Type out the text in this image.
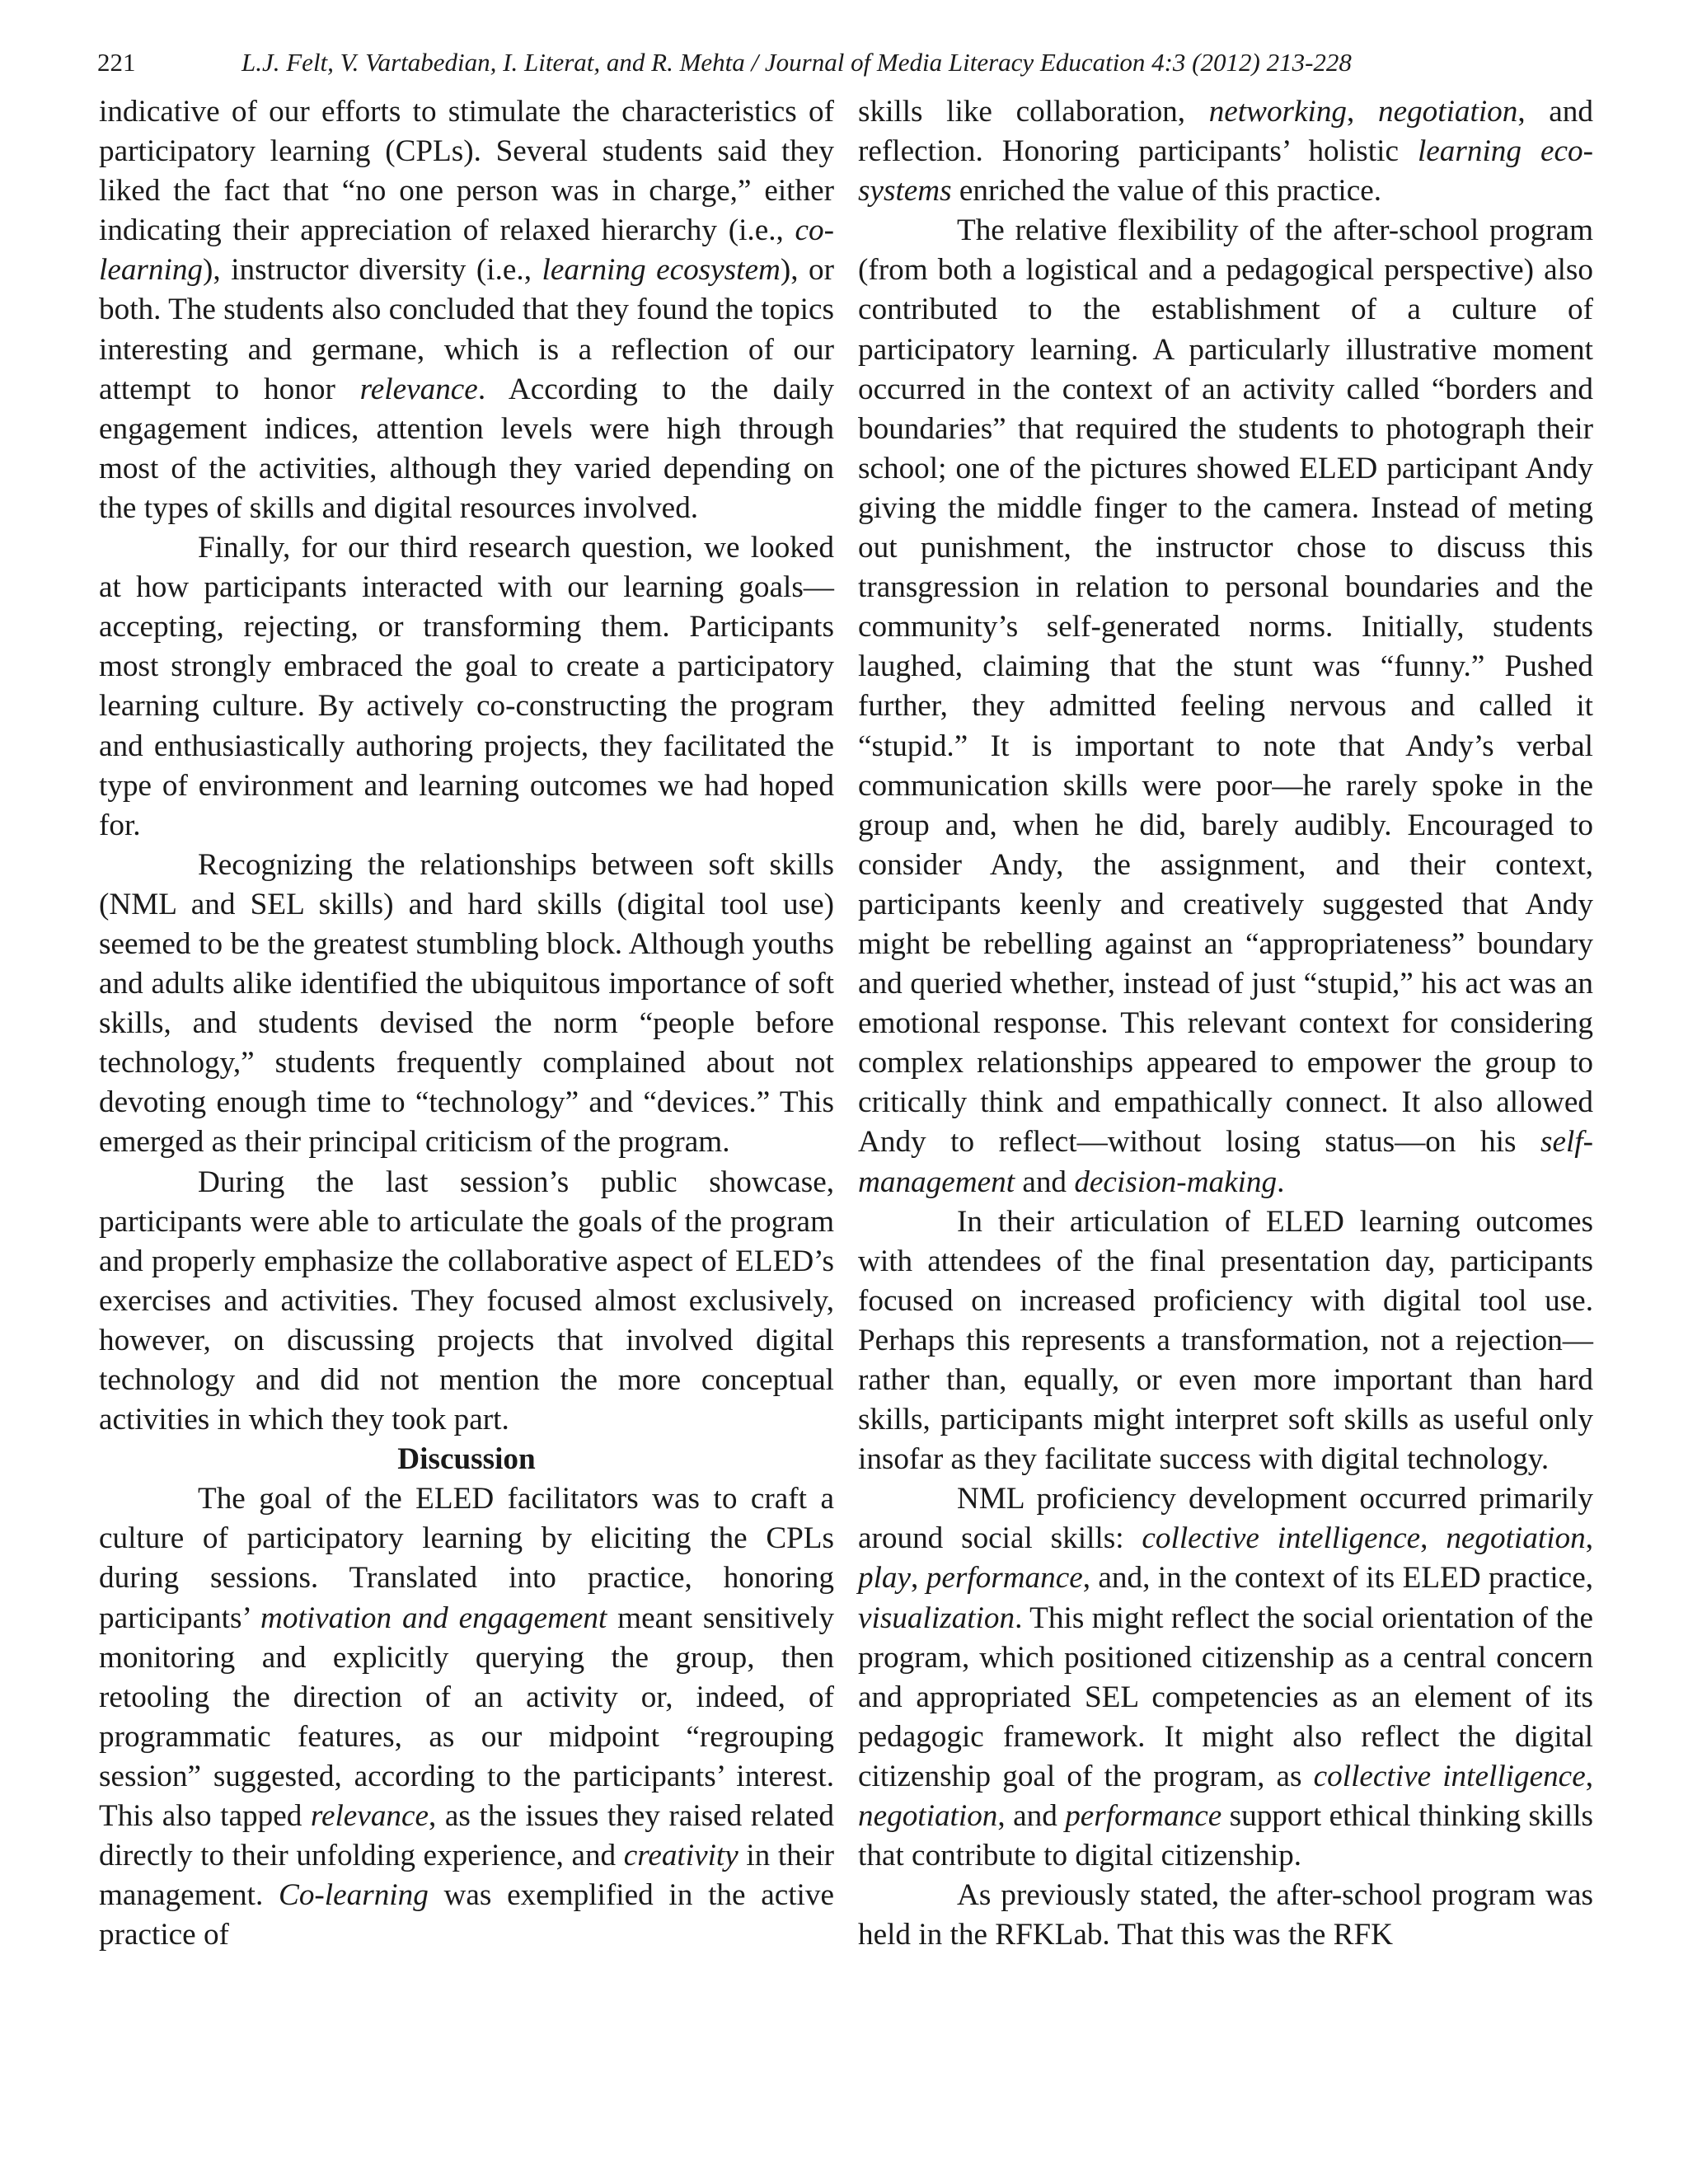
221	L.J. Felt, V. Vartabedian, I. Literat, and R. Mehta / Journal of Media Literacy Education 4:3 (2012) 213-228

indicative of our efforts to stimulate the characteristics of participatory learning (CPLs). Several students said they liked the fact that “no one person was in charge,” either indicating their appreciation of relaxed hierarchy (i.e., co-learning), instructor diversity (i.e., learning ecosystem), or both. The students also concluded that they found the topics interesting and germane, which is a reflection of our attempt to honor relevance. According to the daily engagement indices, attention levels were high through most of the activities, although they varied depending on the types of skills and digital resources involved.

Finally, for our third research question, we looked at how participants interacted with our learning goals—accepting, rejecting, or transforming them. Participants most strongly embraced the goal to create a participatory learning culture. By actively co-constructing the program and enthusiastically authoring projects, they facilitated the type of environment and learning outcomes we had hoped for.

Recognizing the relationships between soft skills (NML and SEL skills) and hard skills (digital tool use) seemed to be the greatest stumbling block. Although youths and adults alike identified the ubiquitous importance of soft skills, and students devised the norm “people before technology,” students frequently complained about not devoting enough time to “technology” and “devices.” This emerged as their principal criticism of the program.

During the last session’s public showcase, participants were able to articulate the goals of the program and properly emphasize the collaborative aspect of ELED’s exercises and activities. They focused almost exclusively, however, on discussing projects that involved digital technology and did not mention the more conceptual activities in which they took part.

Discussion

The goal of the ELED facilitators was to craft a culture of participatory learning by eliciting the CPLs during sessions. Translated into practice, honoring participants’ motivation and engagement meant sensitively monitoring and explicitly querying the group, then retooling the direction of an activity or, indeed, of programmatic features, as our midpoint “regrouping session” suggested, according to the participants’ interest. This also tapped relevance, as the issues they raised related directly to their unfolding experience, and creativity in their management. Co-learning was exemplified in the active practice of

skills like collaboration, networking, negotiation, and reflection. Honoring participants’ holistic learning eco-systems enriched the value of this practice.

The relative flexibility of the after-school program (from both a logistical and a pedagogical perspective) also contributed to the establishment of a culture of participatory learning. A particularly illustrative moment occurred in the context of an activity called “borders and boundaries” that required the students to photograph their school; one of the pictures showed ELED participant Andy giving the middle finger to the camera. Instead of meting out punishment, the instructor chose to discuss this transgression in relation to personal boundaries and the community’s self-generated norms. Initially, students laughed, claiming that the stunt was “funny.” Pushed further, they admitted feeling nervous and called it “stupid.” It is important to note that Andy’s verbal communication skills were poor—he rarely spoke in the group and, when he did, barely audibly. Encouraged to consider Andy, the assignment, and their context, participants keenly and creatively suggested that Andy might be rebelling against an “appropriateness” boundary and queried whether, instead of just “stupid,” his act was an emotional response. This relevant context for considering complex relationships appeared to empower the group to critically think and empathically connect. It also allowed Andy to reflect—without losing status—on his self-management and decision-making.

In their articulation of ELED learning outcomes with attendees of the final presentation day, participants focused on increased proficiency with digital tool use. Perhaps this represents a transformation, not a rejection—rather than, equally, or even more important than hard skills, participants might interpret soft skills as useful only insofar as they facilitate success with digital technology.

NML proficiency development occurred primarily around social skills: collective intelligence, negotiation, play, performance, and, in the context of its ELED practice, visualization. This might reflect the social orientation of the program, which positioned citizenship as a central concern and appropriated SEL competencies as an element of its pedagogic framework. It might also reflect the digital citizenship goal of the program, as collective intelligence, negotiation, and performance support ethical thinking skills that contribute to digital citizenship.

As previously stated, the after-school program was held in the RFKLab. That this was the RFK
